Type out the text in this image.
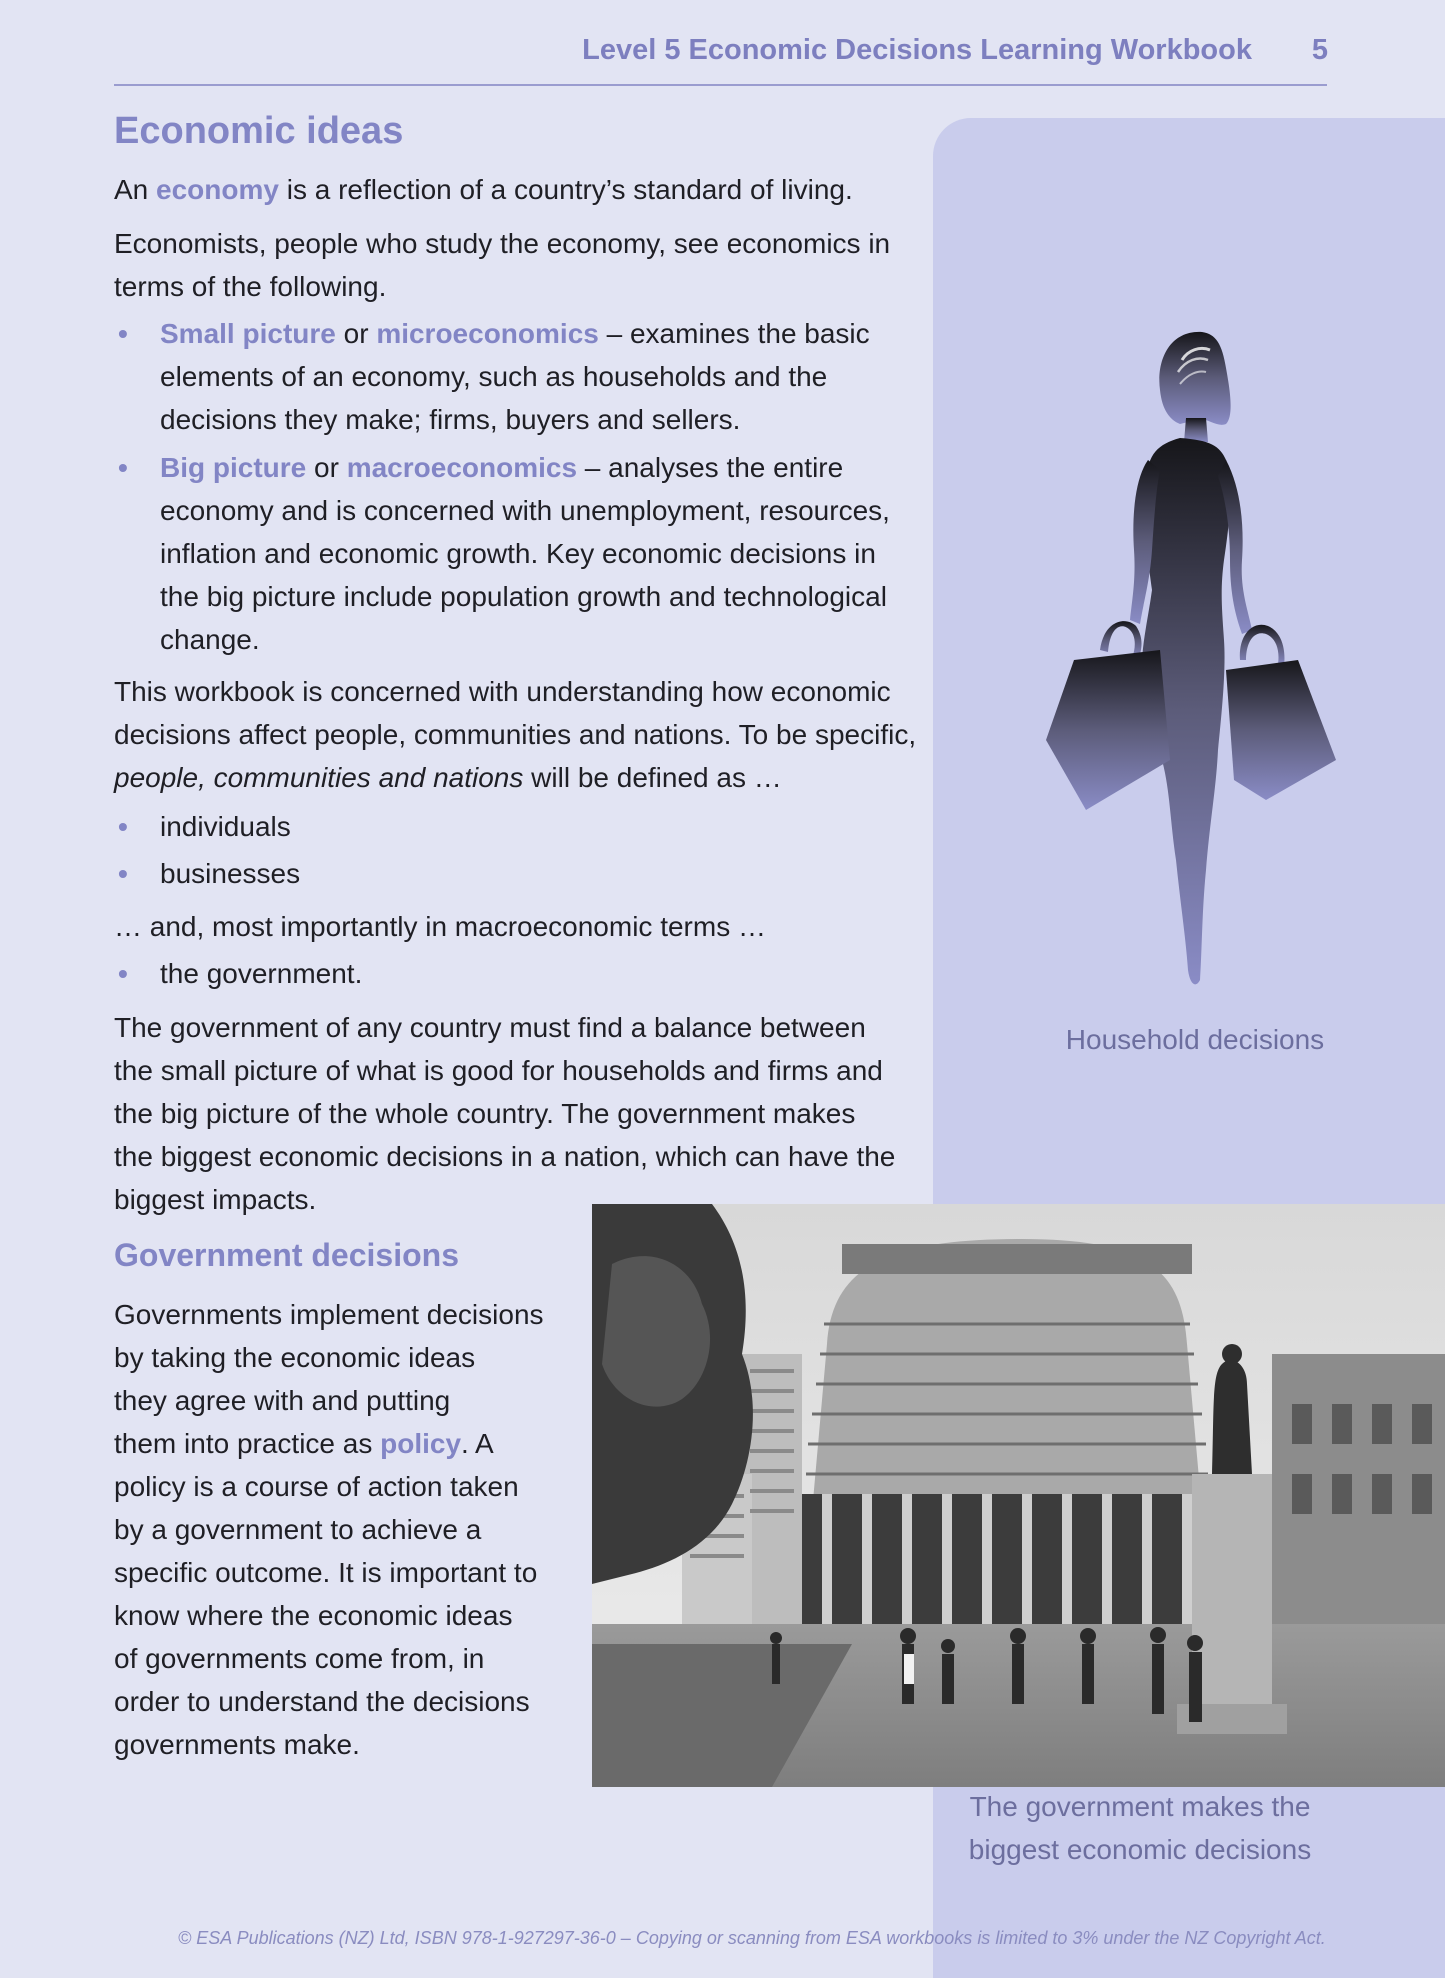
Level 5 Economic Decisions Learning Workbook 5
Economic ideas

An economy is a reflection of a country’s standard of living.

Economists, people who study the economy, see economics in

terms of the following.

• Small picture or microeconomics – examines the basic

elements of an economy, such as households and the

decisions they make; firms, buyers and sellers.

• Big picture or macroeconomics – analyses the entire

economy and is concerned with unemployment, resources,

inflation and economic growth. Key economic decisions in

the big picture include population growth and technological

change.

This workbook is concerned with understanding how economic

decisions affect people, communities and nations. To be specific,

people, communities and nations will be defined as …

• individuals

• businesses

… and, most importantly in macroeconomic terms …

• the government.

The government of any country must find a balance between

the small picture of what is good for households and firms and

the big picture of the whole country. The government makes

the biggest economic decisions in a nation, which can have the

biggest impacts.

Government decisions

Governments implement decisions

by taking the economic ideas

they agree with and putting

them into practice as policy. A

policy is a course of action taken

by a government to achieve a

specific outcome. It is important to

know where the economic ideas

of governments come from, in

order to understand the decisions

governments make.

Household decisions
The government makes the
biggest economic decisions
© ESA Publications (NZ) Ltd, ISBN 978-1-927297-36-0 – Copying or scanning from ESA workbooks is limited to 3% under the NZ Copyright Act.
